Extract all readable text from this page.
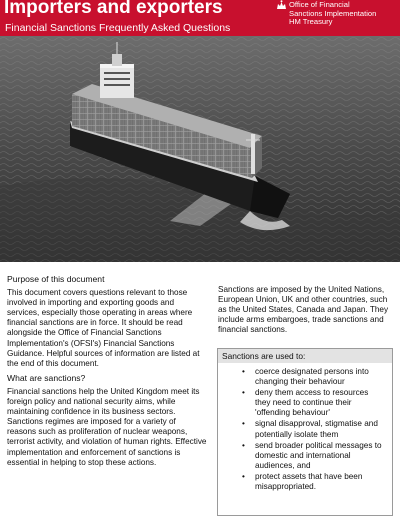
Importers and exporters
Financial Sanctions Frequently Asked Questions
Office of Financial
Sanctions Implementation
HM Treasury
Purpose of this document

This document covers questions relevant to those involved in importing and exporting goods and services, especially those operating in areas where financial sanctions are in force. It should be read alongside the Office of Financial Sanctions Implementation's (OFSI's) Financial Sanctions Guidance. Helpful sources of information are listed at the end of this document.

What are sanctions?

Financial sanctions help the United Kingdom meet its foreign policy and national security aims, while maintaining confidence in its business sectors. Sanctions regimes are imposed for a variety of reasons such as proliferation of nuclear weapons, terrorist activity, and violation of human rights. Effective implementation and enforcement of sanctions is essential in helping to stop these actions.

Sanctions are imposed by the United Nations, European Union, UK and other countries, such as the United States, Canada and Japan. They include arms embargoes, trade sanctions and financial sanctions.

Sanctions are used to:
• coerce designated persons into changing their behaviour
• deny them access to resources they need to continue their 'offending behaviour'
• signal disapproval, stigmatise and potentially isolate them
• send broader political messages to domestic and international audiences, and
• protect assets that have been misappropriated.
